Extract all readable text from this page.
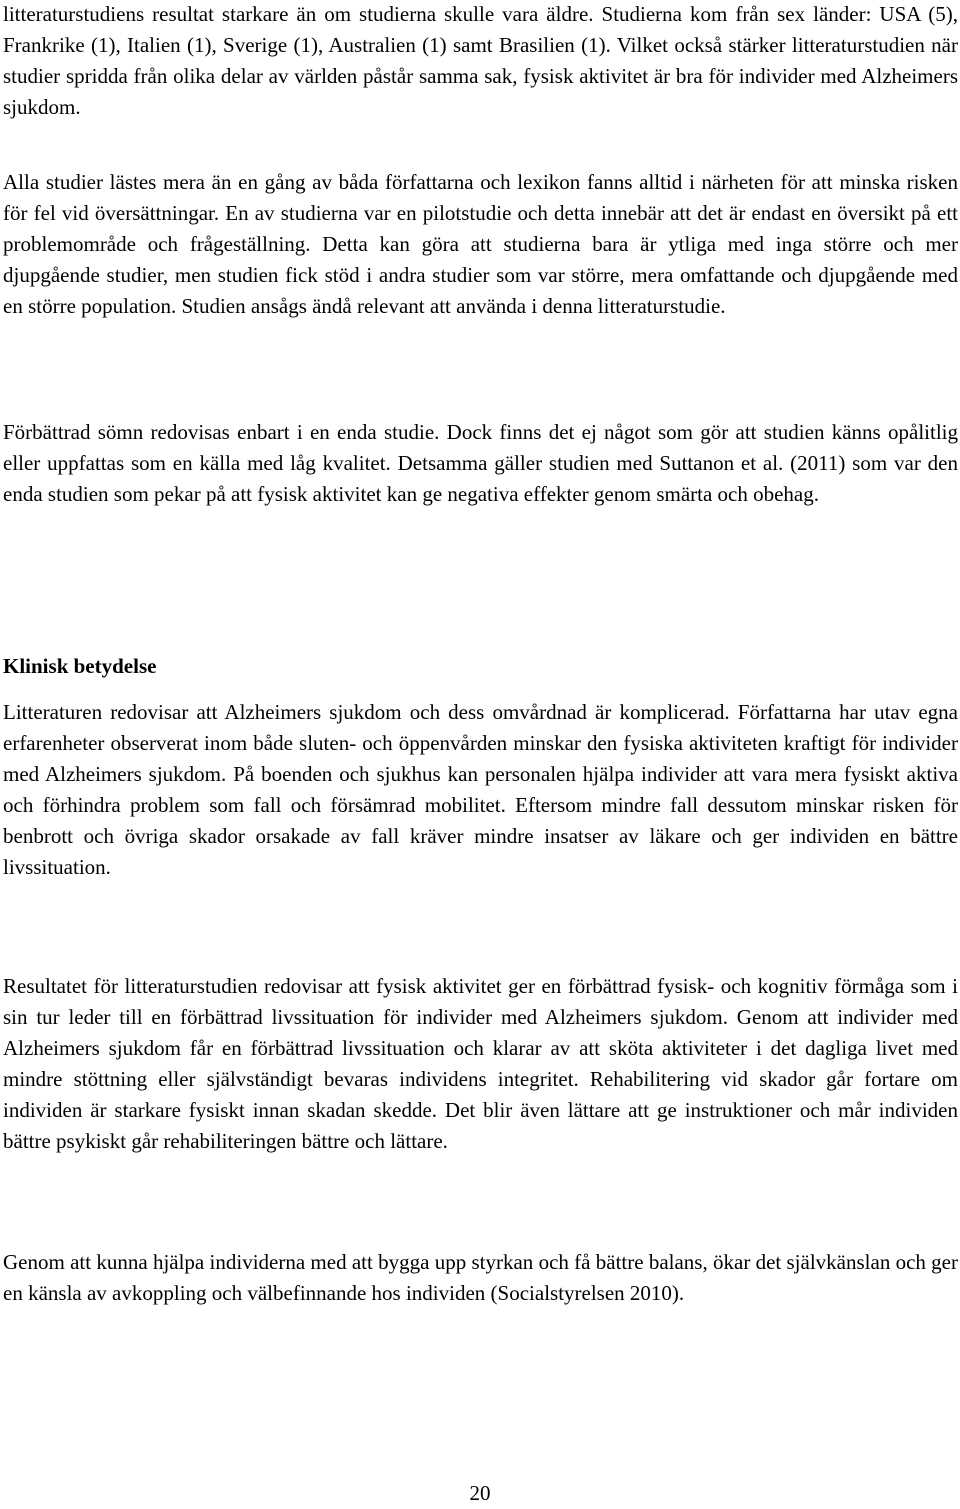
litteraturstudiens resultat starkare än om studierna skulle vara äldre. Studierna kom från sex länder: USA (5), Frankrike (1), Italien (1), Sverige (1), Australien (1) samt Brasilien (1). Vilket också stärker litteraturstudien när studier spridda från olika delar av världen påstår samma sak, fysisk aktivitet är bra för individer med Alzheimers sjukdom.

Alla studier lästes mera än en gång av båda författarna och lexikon fanns alltid i närheten för att minska risken för fel vid översättningar. En av studierna var en pilotstudie och detta innebär att det är endast en översikt på ett problemområde och frågeställning. Detta kan göra att studierna bara är ytliga med inga större och mer djupgående studier, men studien fick stöd i andra studier som var större, mera omfattande och djupgående med en större population. Studien ansågs ändå relevant att använda i denna litteraturstudie.

Förbättrad sömn redovisas enbart i en enda studie. Dock finns det ej något som gör att studien känns opålitlig eller uppfattas som en källa med låg kvalitet. Detsamma gäller studien med Suttanon et al. (2011) som var den enda studien som pekar på att fysisk aktivitet kan ge negativa effekter genom smärta och obehag.

Klinisk betydelse

Litteraturen redovisar att Alzheimers sjukdom och dess omvårdnad är komplicerad. Författarna har utav egna erfarenheter observerat inom både sluten- och öppenvården minskar den fysiska aktiviteten kraftigt för individer med Alzheimers sjukdom. På boenden och sjukhus kan personalen hjälpa individer att vara mera fysiskt aktiva och förhindra problem som fall och försämrad mobilitet. Eftersom mindre fall dessutom minskar risken för benbrott och övriga skador orsakade av fall kräver mindre insatser av läkare och ger individen en bättre livssituation.

Resultatet för litteraturstudien redovisar att fysisk aktivitet ger en förbättrad fysisk- och kognitiv förmåga som i sin tur leder till en förbättrad livssituation för individer med Alzheimers sjukdom. Genom att individer med Alzheimers sjukdom får en förbättrad livssituation och klarar av att sköta aktiviteter i det dagliga livet med mindre stöttning eller självständigt bevaras individens integritet. Rehabilitering vid skador går fortare om individen är starkare fysiskt innan skadan skedde. Det blir även lättare att ge instruktioner och mår individen bättre psykiskt går rehabiliteringen bättre och lättare.

Genom att kunna hjälpa individerna med att bygga upp styrkan och få bättre balans, ökar det självkänslan och ger en känsla av avkoppling och välbefinnande hos individen (Socialstyrelsen 2010).

20
